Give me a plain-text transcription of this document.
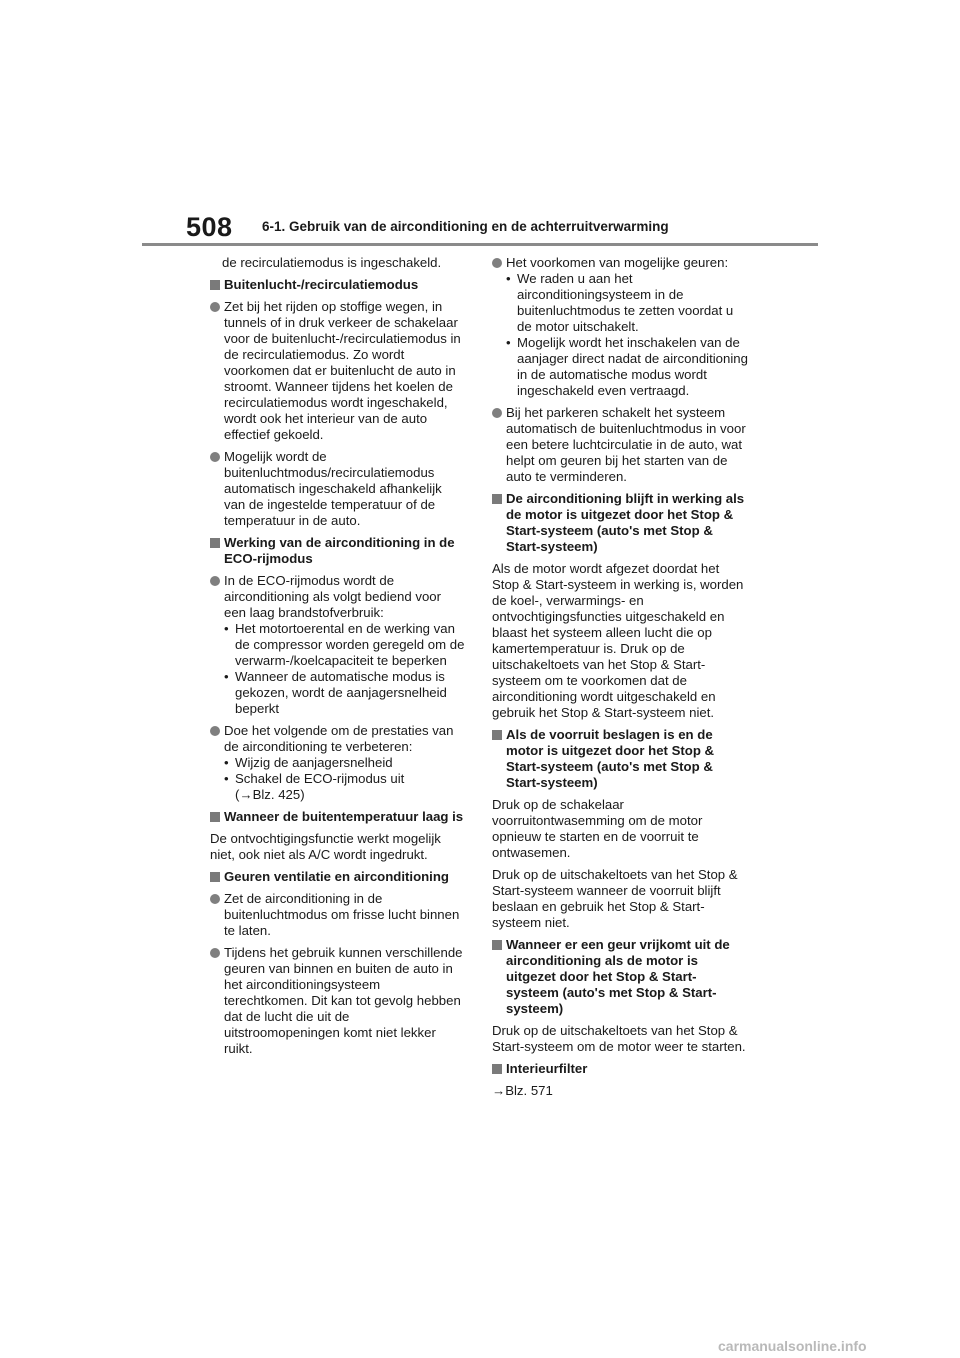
508 6-1. Gebruik van de airconditioning en de achterruitverwarming

de recirculatiemodus is ingeschakeld.

Buitenlucht-/recirculatiemodus
Zet bij het rijden op stoffige wegen, in tunnels of in druk verkeer de schakelaar voor de buitenlucht-/recirculatiemodus in de recirculatiemodus. Zo wordt voorkomen dat er buitenlucht de auto in stroomt. Wanneer tijdens het koelen de recirculatiemodus wordt ingeschakeld, wordt ook het interieur van de auto effectief gekoeld.
Mogelijk wordt de buitenluchtmodus/recirculatiemodus automatisch ingeschakeld afhankelijk van de ingestelde temperatuur of de temperatuur in de auto.
Werking van de airconditioning in de ECO-rijmodus
In de ECO-rijmodus wordt de airconditioning als volgt bediend voor een laag brandstofverbruik:
• Het motortoerental en de werking van de compressor worden geregeld om de verwarm-/koelcapaciteit te beperken
• Wanneer de automatische modus is gekozen, wordt de aanjagersnelheid beperkt
Doe het volgende om de prestaties van de airconditioning te verbeteren:
• Wijzig de aanjagersnelheid
• Schakel de ECO-rijmodus uit
(→Blz. 425)
Wanneer de buitentemperatuur laag is

De ontvochtigingsfunctie werkt mogelijk niet, ook niet als A/C wordt ingedrukt.

Geuren ventilatie en airconditioning
Zet de airconditioning in de buitenluchtmodus om frisse lucht binnen te laten.
Tijdens het gebruik kunnen verschillende geuren van binnen en buiten de auto in het airconditioningsysteem terechtkomen. Dit kan tot gevolg hebben dat de lucht die uit de uitstroomopeningen komt niet lekker ruikt.
Het voorkomen van mogelijke geuren:
• We raden u aan het airconditioningsysteem in de buitenluchtmodus te zetten voordat u de motor uitschakelt.
• Mogelijk wordt het inschakelen van de aanjager direct nadat de airconditioning in de automatische modus wordt ingeschakeld even vertraagd.
Bij het parkeren schakelt het systeem automatisch de buitenluchtmodus in voor een betere luchtcirculatie in de auto, wat helpt om geuren bij het starten van de auto te verminderen.
De airconditioning blijft in werking als de motor is uitgezet door het Stop & Start-systeem (auto's met Stop & Start-systeem)

Als de motor wordt afgezet doordat het Stop & Start-systeem in werking is, worden de koel-, verwarmings- en ontvochtigingsfuncties uitgeschakeld en blaast het systeem alleen lucht die op kamertemperatuur is. Druk op de uitschakeltoets van het Stop & Start-systeem om te voorkomen dat de airconditioning wordt uitgeschakeld en gebruik het Stop & Start-systeem niet.

Als de voorruit beslagen is en de motor is uitgezet door het Stop & Start-systeem (auto's met Stop & Start-systeem)

Druk op de schakelaar voorruitontwasemming om de motor opnieuw te starten en de voorruit te ontwasemen.

Druk op de uitschakeltoets van het Stop & Start-systeem wanneer de voorruit blijft beslaan en gebruik het Stop & Start-systeem niet.

Wanneer er een geur vrijkomt uit de airconditioning als de motor is uitgezet door het Stop & Start-systeem (auto's met Stop & Start-systeem)

Druk op de uitschakeltoets van het Stop & Start-systeem om de motor weer te starten.

Interieurfilter

→Blz. 571

carmanualsonline.info
